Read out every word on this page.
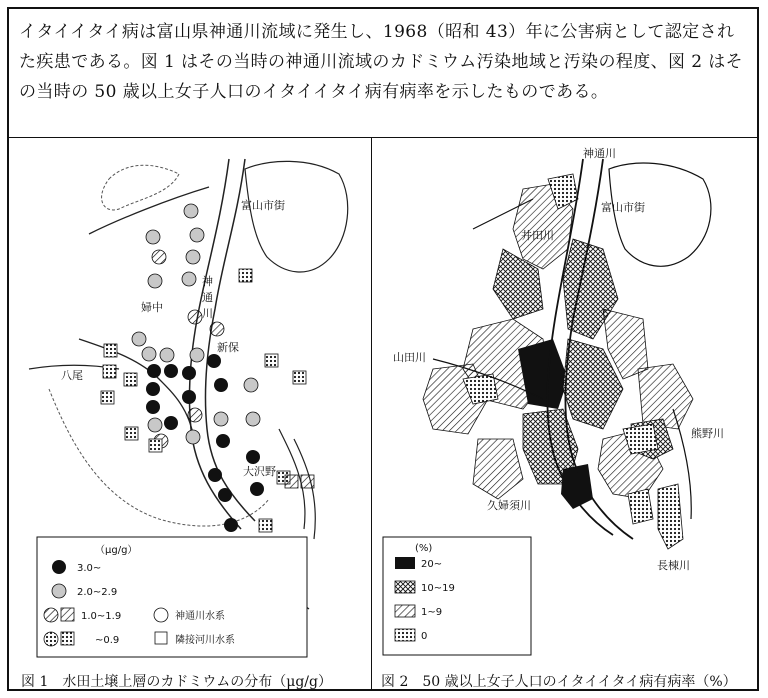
イタイイタイ病は富山県神通川流域に発生し、1968（昭和 43）年に公害病として認定された疾患である。図 1 はその当時の神通川流域のカドミウム汚染地域と汚染の程度、図 2 はその当時の 50 歳以上女子人口のイタイイタイ病有病率を示したものである。
富山市街
神
通
川
婦中
新保
八尾
大沢野
（μg/g）
3.0~
2.0~2.9
1.0~1.9
~0.9
神通川水系
隣接河川水系
図 1　水田土壌上層のカドミウムの分布（μg/g）
神通川
富山市街
井田川
山田川
熊野川
久婦須川
長棟川
(%)
20~
10~19
1~9
0
図 2　50 歳以上女子人口のイタイイタイ病有病率（%）
